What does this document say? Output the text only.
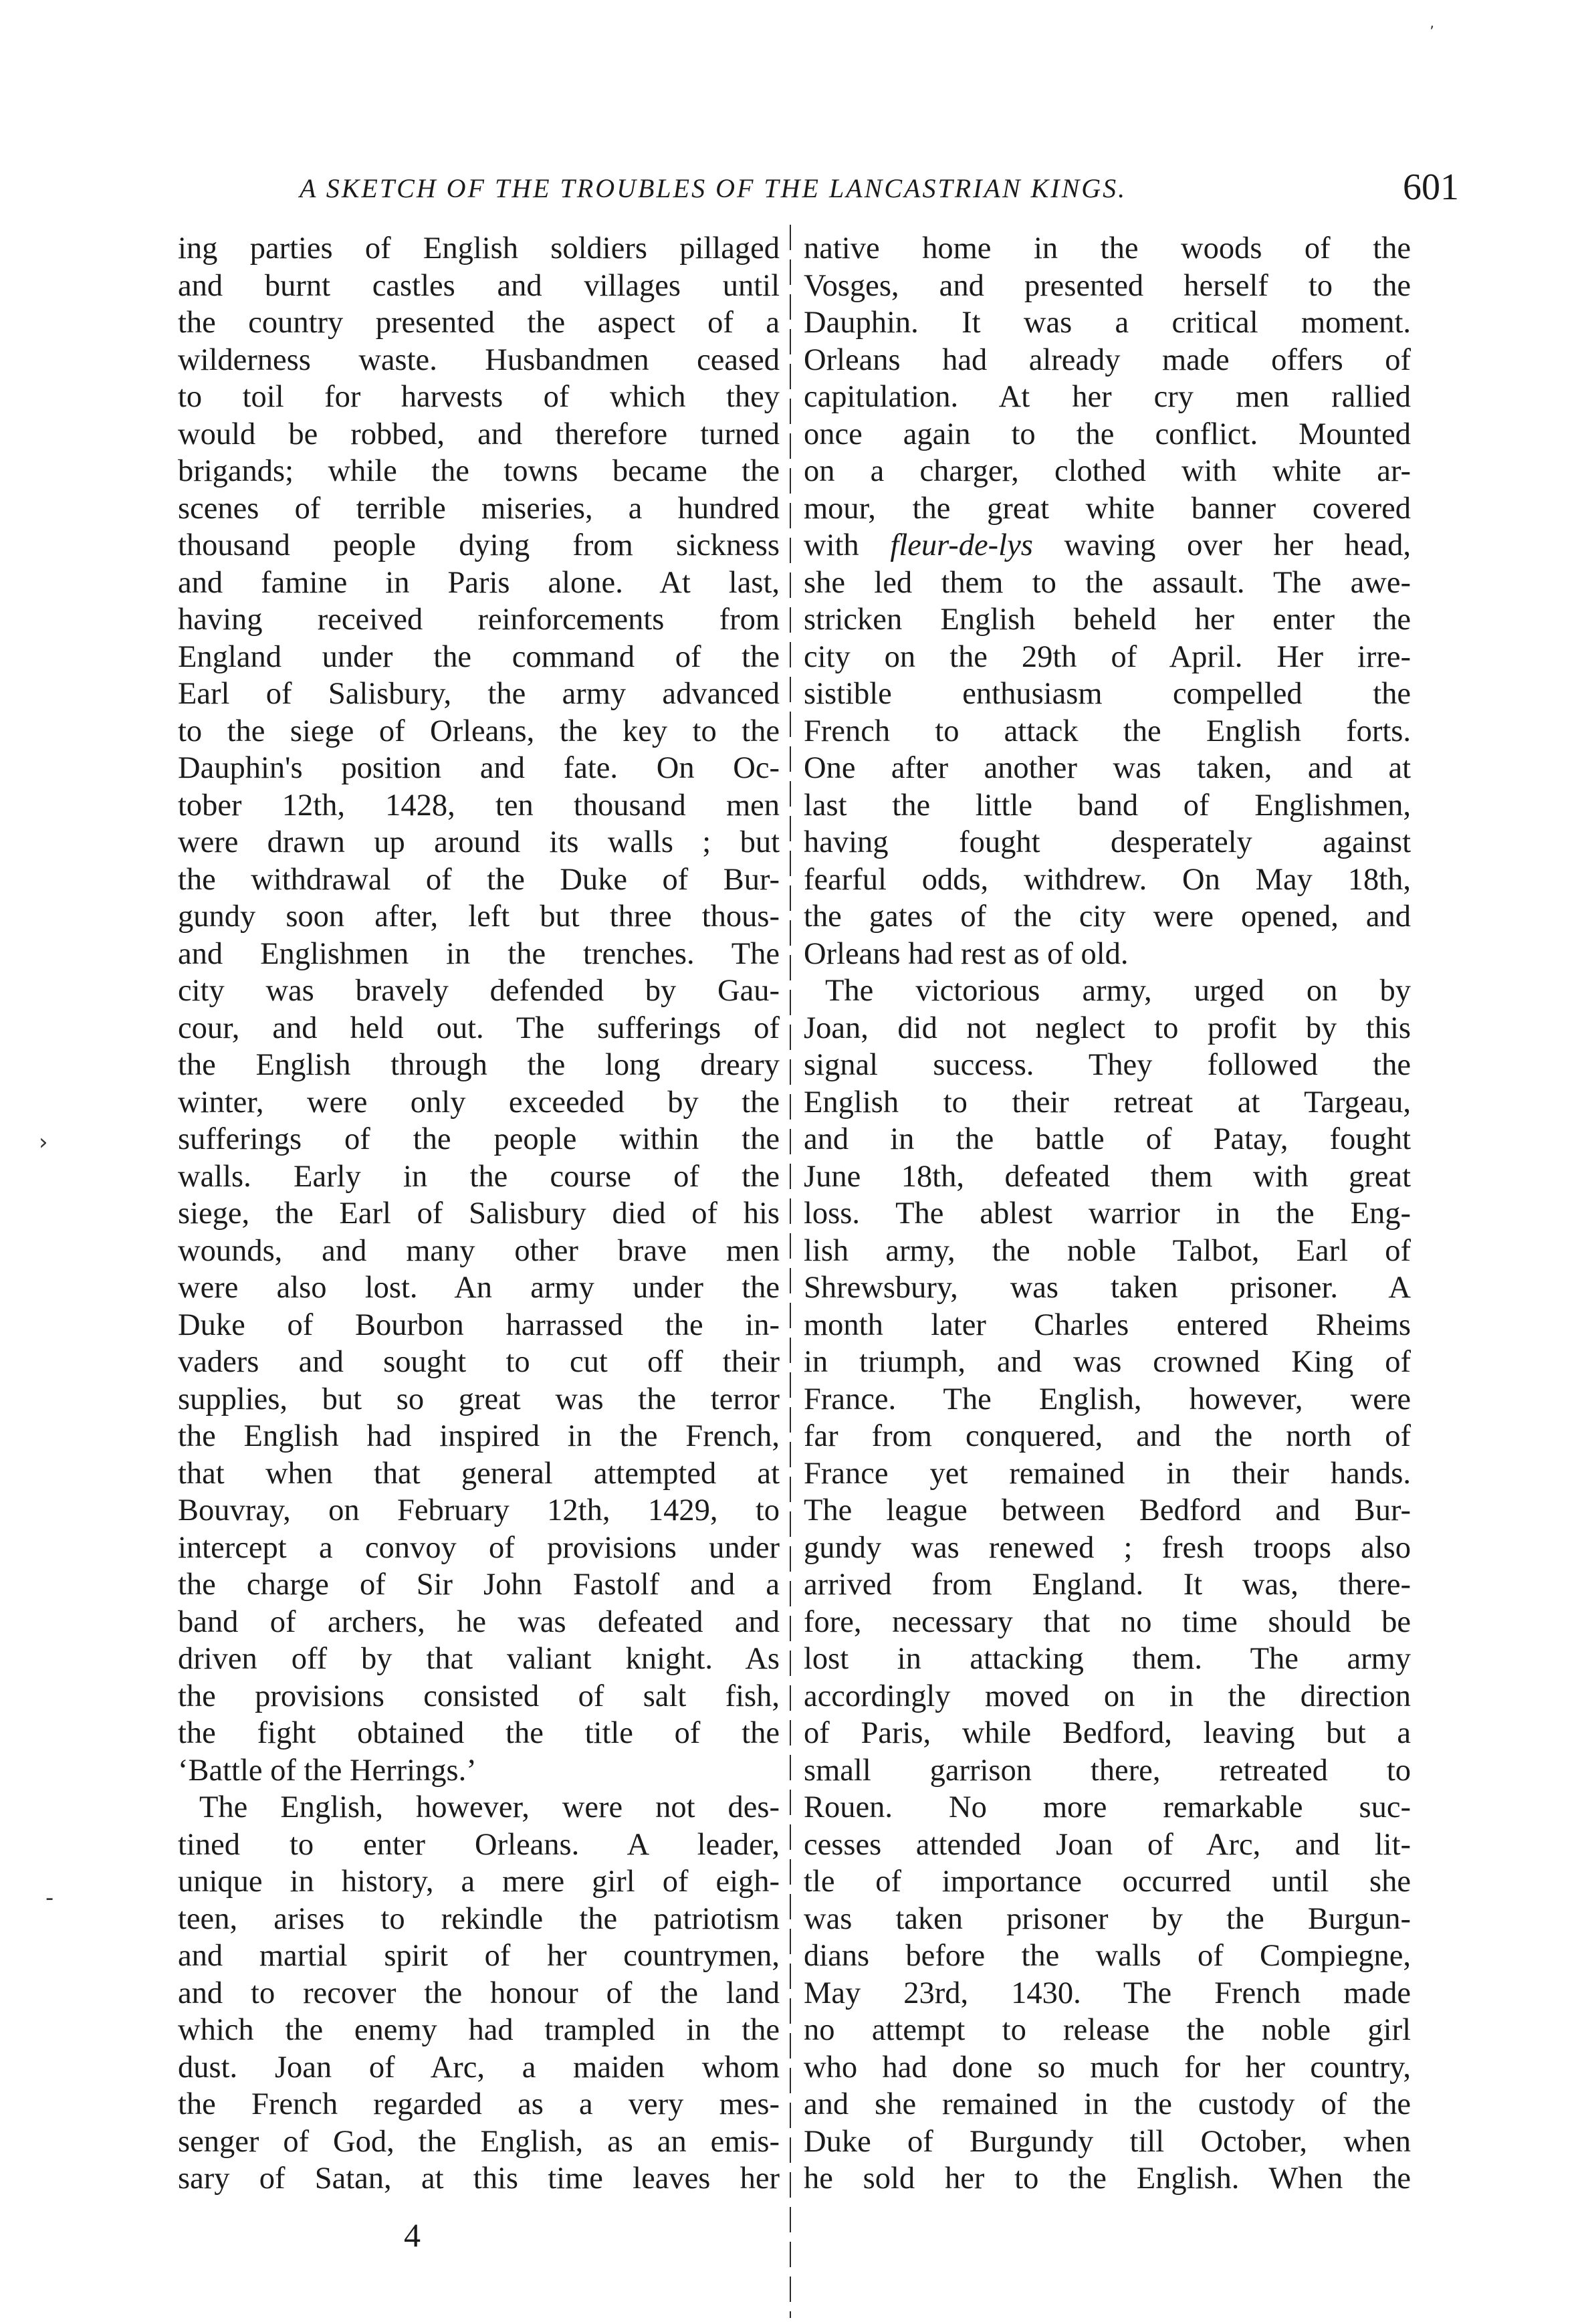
A SKETCH OF THE TROUBLES OF THE LANCASTRIAN KINGS.	601
ing parties of English soldiers pillaged
and burnt castles and villages until
the country presented the aspect of a
wilderness waste. Husbandmen ceased
to toil for harvests of which they
would be robbed, and therefore turned
brigands; while the towns became the
scenes of terrible miseries, a hundred
thousand people dying from sickness
and famine in Paris alone. At last,
having received reinforcements from
England under the command of the
Earl of Salisbury, the army advanced
to the siege of Orleans, the key to the
Dauphin's position and fate. On Oc-
tober 12th, 1428, ten thousand men
were drawn up around its walls ; but
the withdrawal of the Duke of Bur-
gundy soon after, left but three thous-
and Englishmen in the trenches. The
city was bravely defended by Gau-
cour, and held out. The sufferings of
the English through the long dreary
winter, were only exceeded by the
sufferings of the people within the
walls. Early in the course of the
siege, the Earl of Salisbury died of his
wounds, and many other brave men
were also lost. An army under the
Duke of Bourbon harrassed the in-
vaders and sought to cut off their
supplies, but so great was the terror
the English had inspired in the French,
that when that general attempted at
Bouvray, on February 12th, 1429, to
intercept a convoy of provisions under
the charge of Sir John Fastolf and a
band of archers, he was defeated and
driven off by that valiant knight. As
the provisions consisted of salt fish,
the fight obtained the title of the
‘Battle of the Herrings.’
The English, however, were not des-
tined to enter Orleans. A leader,
unique in history, a mere girl of eigh-
teen, arises to rekindle the patriotism
and martial spirit of her countrymen,
and to recover the honour of the land
which the enemy had trampled in the
dust. Joan of Arc, a maiden whom
the French regarded as a very mes-
senger of God, the English, as an emis-
sary of Satan, at this time leaves her
native home in the woods of the
Vosges, and presented herself to the
Dauphin. It was a critical moment.
Orleans had already made offers of
capitulation. At her cry men rallied
once again to the conflict. Mounted
on a charger, clothed with white ar-
mour, the great white banner covered
with fleur-de-lys waving over her head,
she led them to the assault. The awe-
stricken English beheld her enter the
city on the 29th of April. Her irre-
sistible enthusiasm compelled the
French to attack the English forts.
One after another was taken, and at
last the little band of Englishmen,
having fought desperately against
fearful odds, withdrew. On May 18th,
the gates of the city were opened, and
Orleans had rest as of old.
The victorious army, urged on by
Joan, did not neglect to profit by this
signal success. They followed the
English to their retreat at Targeau,
and in the battle of Patay, fought
June 18th, defeated them with great
loss. The ablest warrior in the Eng-
lish army, the noble Talbot, Earl of
Shrewsbury, was taken prisoner. A
month later Charles entered Rheims
in triumph, and was crowned King of
France. The English, however, were
far from conquered, and the north of
France yet remained in their hands.
The league between Bedford and Bur-
gundy was renewed ; fresh troops also
arrived from England. It was, there-
fore, necessary that no time should be
lost in attacking them. The army
accordingly moved on in the direction
of Paris, while Bedford, leaving but a
small garrison there, retreated to
Rouen. No more remarkable suc-
cesses attended Joan of Arc, and lit-
tle of importance occurred until she
was taken prisoner by the Burgun-
dians before the walls of Compiegne,
May 23rd, 1430. The French made
no attempt to release the noble girl
who had done so much for her country,
and she remained in the custody of the
Duke of Burgundy till October, when
he sold her to the English. When the
4
’
›
-
